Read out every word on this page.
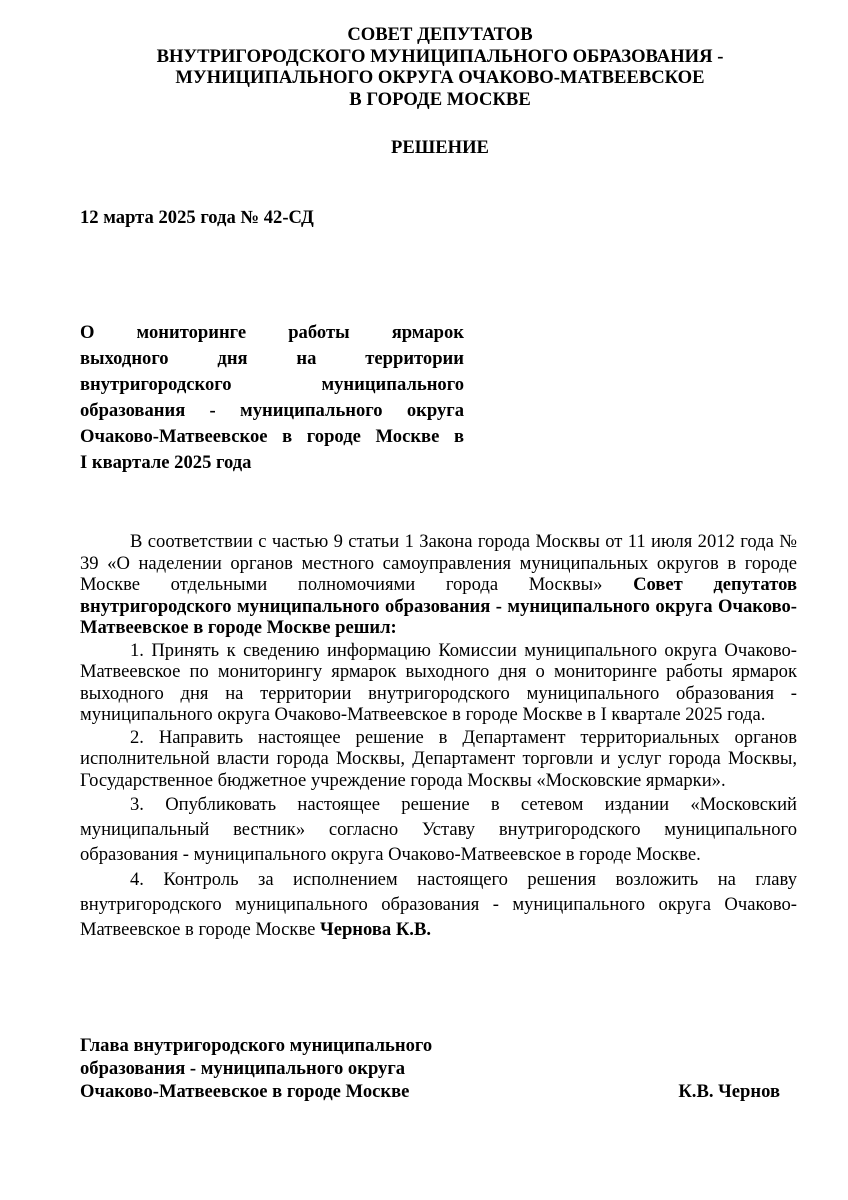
СОВЕТ ДЕПУТАТОВ
ВНУТРИГОРОДСКОГО МУНИЦИПАЛЬНОГО ОБРАЗОВАНИЯ -
МУНИЦИПАЛЬНОГО ОКРУГА ОЧАКОВО-МАТВЕЕВСКОЕ
В ГОРОДЕ МОСКВЕ
РЕШЕНИЕ
12 марта 2025 года № 42-СД
О мониторинге работы ярмарок
выходного дня на территории
внутригородского муниципального
образования - муниципального округа
Очаково-Матвеевское в городе Москве в
I квартале 2025 года

В соответствии с частью 9 статьи 1 Закона города Москвы от 11 июля 2012 года № 39 «О наделении органов местного самоуправления муниципальных округов в городе Москве отдельными полномочиями города Москвы» Совет депутатов внутригородского муниципального образования - муниципального округа Очаково-Матвеевское в городе Москве решил:

1. Принять к сведению информацию Комиссии муниципального округа Очаково-Матвеевское по мониторингу ярмарок выходного дня о мониторинге работы ярмарок выходного дня на территории внутригородского муниципального образования - муниципального округа Очаково-Матвеевское в городе Москве в I квартале 2025 года.

2. Направить настоящее решение в Департамент территориальных органов исполнительной власти города Москвы, Департамент торговли и услуг города Москвы, Государственное бюджетное учреждение города Москвы «Московские ярмарки».

3. Опубликовать настоящее решение в сетевом издании «Московский муниципальный вестник» согласно Уставу внутригородского муниципального образования - муниципального округа Очаково-Матвеевское в городе Москве.

4. Контроль за исполнением настоящего решения возложить на главу внутригородского муниципального образования - муниципального округа Очаково-Матвеевское в городе Москве Чернова К.В.

Глава внутригородского муниципального
образования - муниципального округа
Очаково-Матвеевское в городе Москве	К.В. Чернов
